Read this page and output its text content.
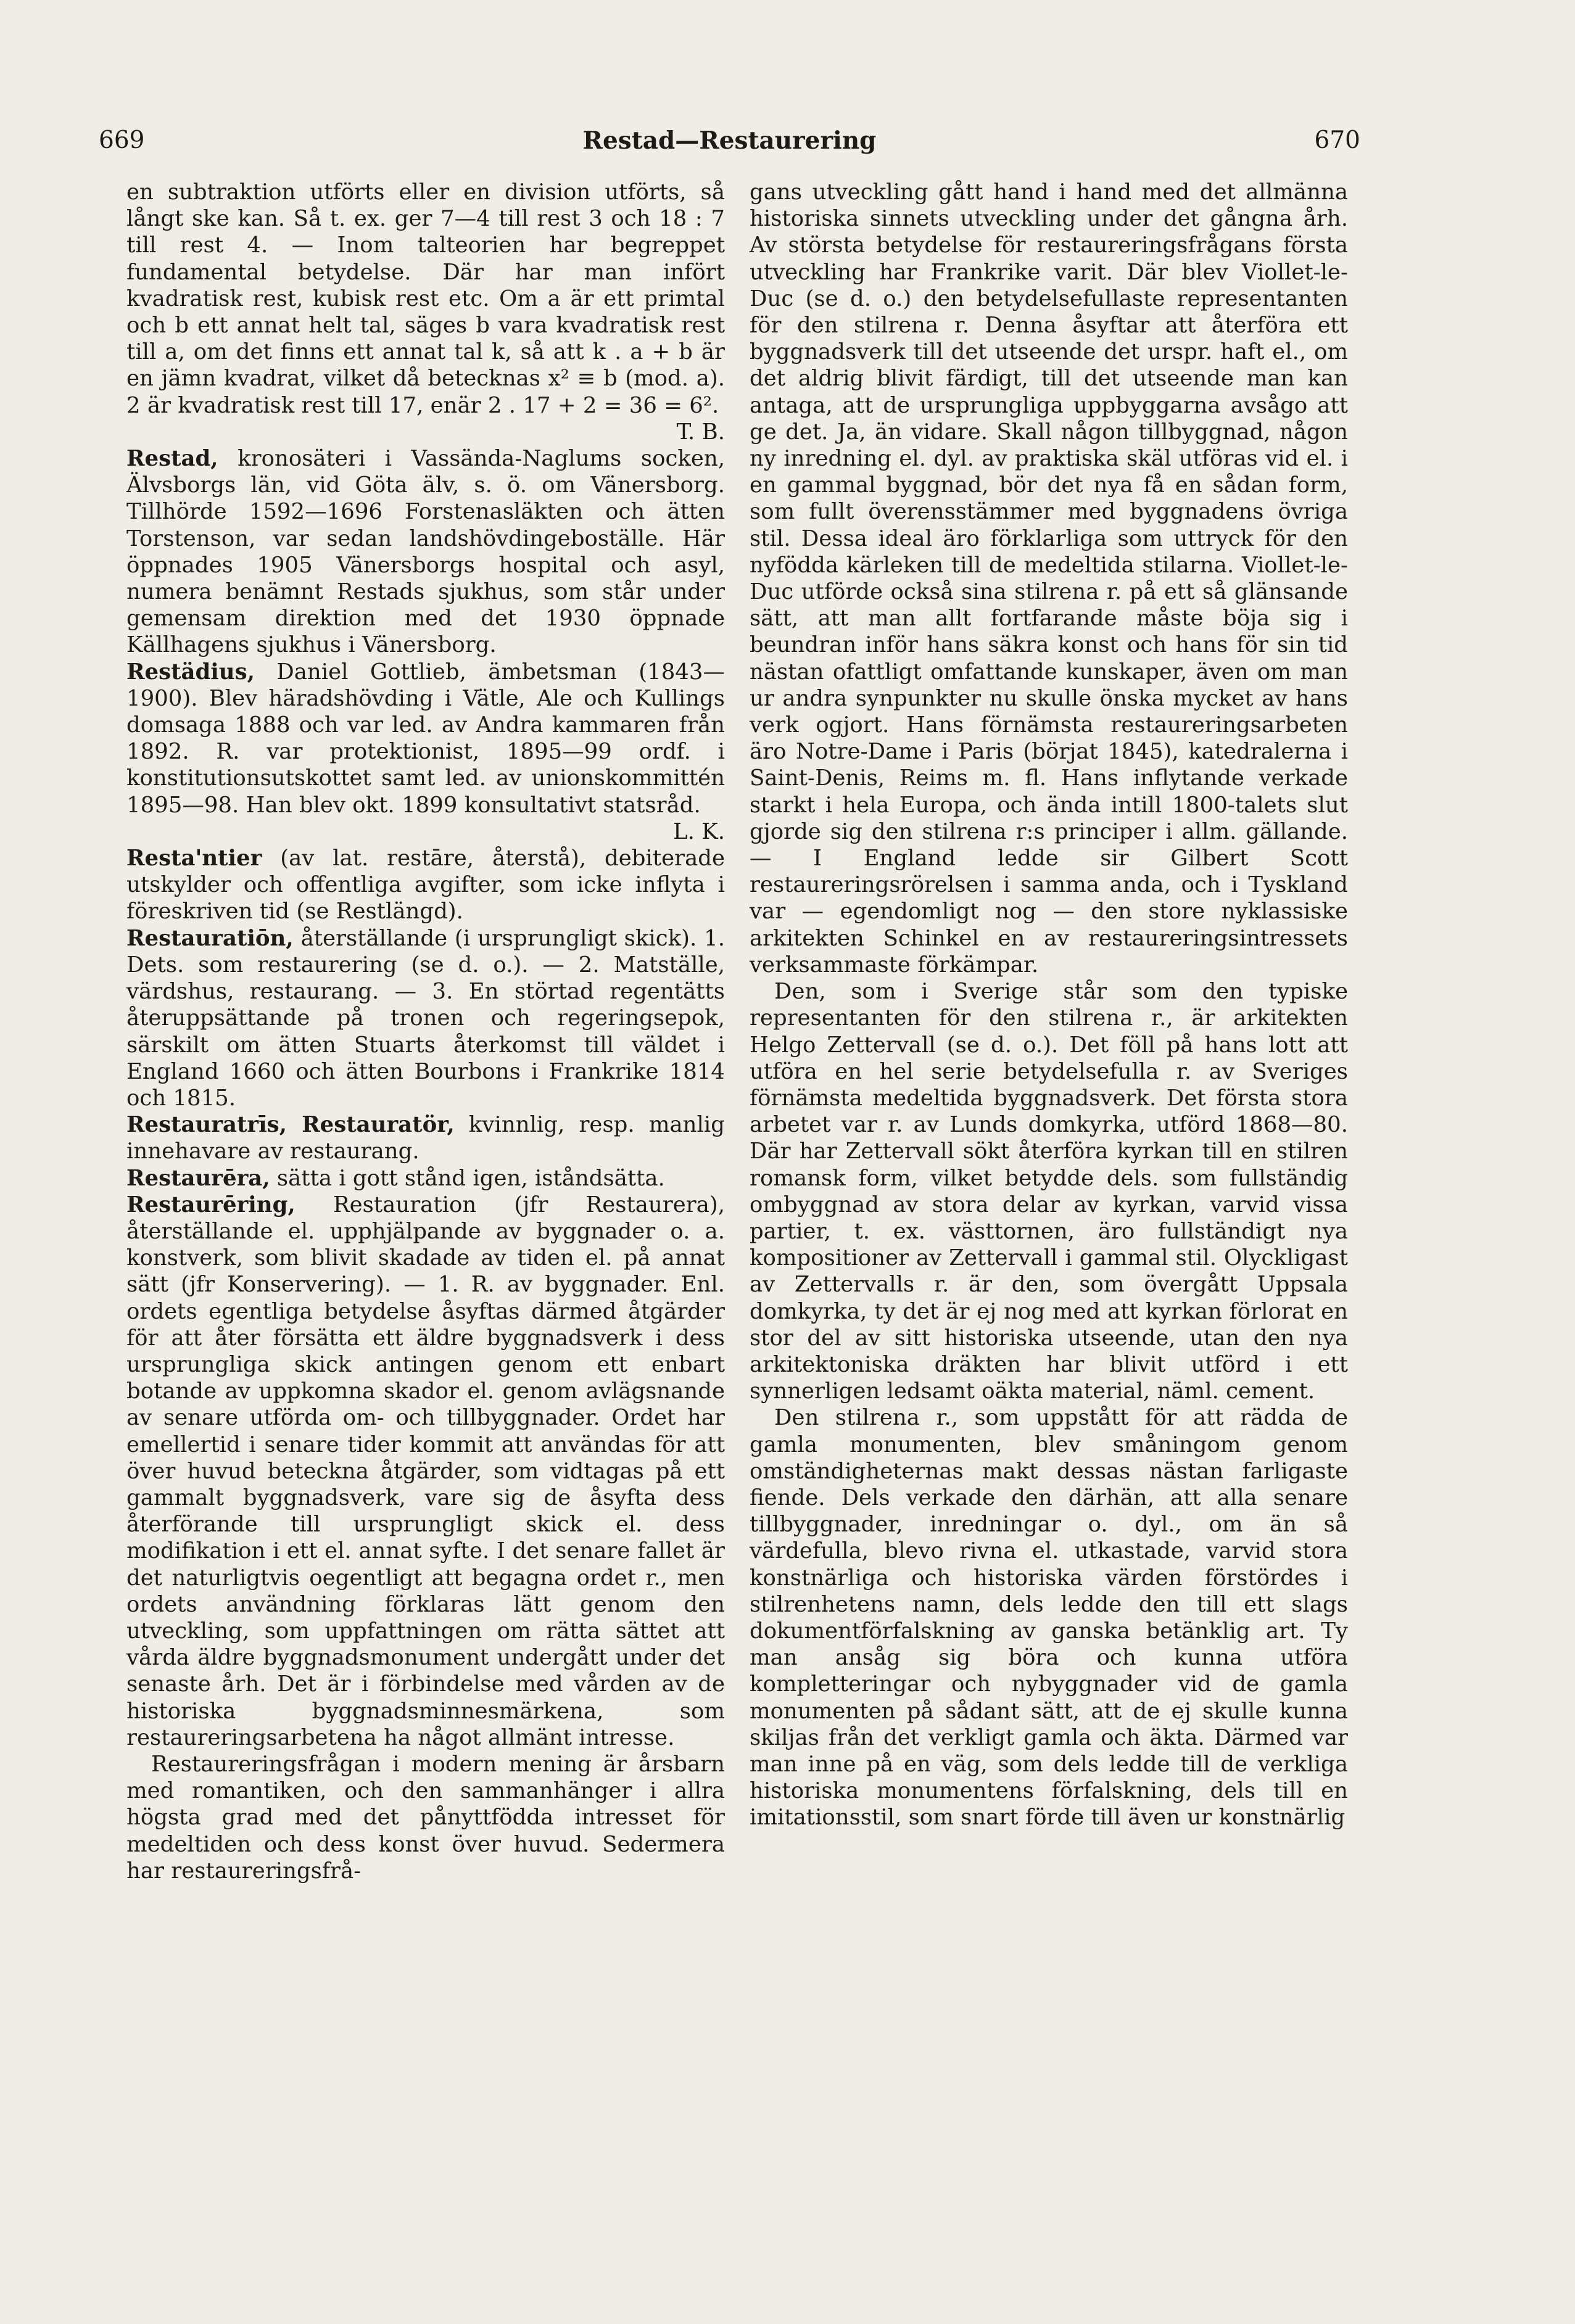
669	Restad—Restaurering	670

en subtraktion utförts eller en division utförts, så långt ske kan. Så t. ex. ger 7—4 till rest 3 och 18 : 7 till rest 4. — Inom talteorien har begreppet fundamental betydelse. Där har man infört kvadratisk rest, kubisk rest etc. Om a är ett primtal och b ett annat helt tal, säges b vara kvadratisk rest till a, om det finns ett annat tal k, så att k . a + b är en jämn kvadrat, vilket då betecknas x² ≡ b (mod. a). 2 är kvadratisk rest till 17, enär 2 . 17 + 2 = 36 = 6².
T. B.

Restad, kronosäteri i Vassända-Naglums socken, Älvsborgs län, vid Göta älv, s. ö. om Vänersborg. Tillhörde 1592—1696 Forstenasläkten och ätten Torstenson, var sedan landshövdingeboställe. Här öppnades 1905 Vänersborgs hospital och asyl, numera benämnt Restads sjukhus, som står under gemensam direktion med det 1930 öppnade Källhagens sjukhus i Vänersborg.

Restädius, Daniel Gottlieb, ämbetsman (1843—1900). Blev häradshövding i Vätle, Ale och Kullings domsaga 1888 och var led. av Andra kammaren från 1892. R. var protektionist, 1895—99 ordf. i konstitutionsutskottet samt led. av unionskommittén 1895—98. Han blev okt. 1899 konsultativt statsråd.
L. K.

Resta'ntier (av lat. restāre, återstå), debiterade utskylder och offentliga avgifter, som icke inflyta i föreskriven tid (se Restlängd).

Restauratiōn, återställande (i ursprungligt skick). 1. Dets. som restaurering (se d. o.). — 2. Matställe, värdshus, restaurang. — 3. En störtad regentätts återuppsättande på tronen och regeringsepok, särskilt om ätten Stuarts återkomst till väldet i England 1660 och ätten Bourbons i Frankrike 1814 och 1815.

Restauratrīs, Restauratör, kvinnlig, resp. manlig innehavare av restaurang.

Restaurēra, sätta i gott stånd igen, iståndsätta.

Restaurēring, Restauration (jfr Restaurera), återställande el. upphjälpande av byggnader o. a. konstverk, som blivit skadade av tiden el. på annat sätt (jfr Konservering). — 1. R. av byggnader. Enl. ordets egentliga betydelse åsyftas därmed åtgärder för att åter försätta ett äldre byggnadsverk i dess ursprungliga skick antingen genom ett enbart botande av uppkomna skador el. genom avlägsnande av senare utförda om- och tillbyggnader. Ordet har emellertid i senare tider kommit att användas för att över huvud beteckna åtgärder, som vidtagas på ett gammalt byggnadsverk, vare sig de åsyfta dess återförande till ursprungligt skick el. dess modifikation i ett el. annat syfte. I det senare fallet är det naturligtvis oegentligt att begagna ordet r., men ordets användning förklaras lätt genom den utveckling, som uppfattningen om rätta sättet att vårda äldre byggnadsmonument undergått under det senaste årh. Det är i förbindelse med vården av de historiska byggnadsminnesmärkena, som restaureringsarbetena ha något allmänt intresse.

Restaureringsfrågan i modern mening är årsbarn med romantiken, och den sammanhänger i allra högsta grad med det pånyttfödda intresset för medeltiden och dess konst över huvud. Sedermera har restaureringsfrå-

gans utveckling gått hand i hand med det allmänna historiska sinnets utveckling under det gångna årh. Av största betydelse för restaureringsfrågans första utveckling har Frankrike varit. Där blev Viollet-le-Duc (se d. o.) den betydelsefullaste representanten för den stilrena r. Denna åsyftar att återföra ett byggnadsverk till det utseende det urspr. haft el., om det aldrig blivit färdigt, till det utseende man kan antaga, att de ursprungliga uppbyggarna avsågo att ge det. Ja, än vidare. Skall någon tillbyggnad, någon ny inredning el. dyl. av praktiska skäl utföras vid el. i en gammal byggnad, bör det nya få en sådan form, som fullt överensstämmer med byggnadens övriga stil. Dessa ideal äro förklarliga som uttryck för den nyfödda kärleken till de medeltida stilarna. Viollet-le-Duc utförde också sina stilrena r. på ett så glänsande sätt, att man allt fortfarande måste böja sig i beundran inför hans säkra konst och hans för sin tid nästan ofattligt omfattande kunskaper, även om man ur andra synpunkter nu skulle önska mycket av hans verk ogjort. Hans förnämsta restaureringsarbeten äro Notre-Dame i Paris (börjat 1845), katedralerna i Saint-Denis, Reims m. fl. Hans inflytande verkade starkt i hela Europa, och ända intill 1800-talets slut gjorde sig den stilrena r:s principer i allm. gällande. — I England ledde sir Gilbert Scott restaureringsrörelsen i samma anda, och i Tyskland var — egendomligt nog — den store nyklassiske arkitekten Schinkel en av restaureringsintressets verksammaste förkämpar.

Den, som i Sverige står som den typiske representanten för den stilrena r., är arkitekten Helgo Zettervall (se d. o.). Det föll på hans lott att utföra en hel serie betydelsefulla r. av Sveriges förnämsta medeltida byggnadsverk. Det första stora arbetet var r. av Lunds domkyrka, utförd 1868—80. Där har Zettervall sökt återföra kyrkan till en stilren romansk form, vilket betydde dels. som fullständig ombyggnad av stora delar av kyrkan, varvid vissa partier, t. ex. västtornen, äro fullständigt nya kompositioner av Zettervall i gammal stil. Olyckligast av Zettervalls r. är den, som övergått Uppsala domkyrka, ty det är ej nog med att kyrkan förlorat en stor del av sitt historiska utseende, utan den nya arkitektoniska dräkten har blivit utförd i ett synnerligen ledsamt oäkta material, näml. cement.

Den stilrena r., som uppstått för att rädda de gamla monumenten, blev småningom genom omständigheternas makt dessas nästan farligaste fiende. Dels verkade den därhän, att alla senare tillbyggnader, inredningar o. dyl., om än så värdefulla, blevo rivna el. utkastade, varvid stora konstnärliga och historiska värden förstördes i stilrenhetens namn, dels ledde den till ett slags dokumentförfalskning av ganska betänklig art. Ty man ansåg sig böra och kunna utföra kompletteringar och nybyggnader vid de gamla monumenten på sådant sätt, att de ej skulle kunna skiljas från det verkligt gamla och äkta. Därmed var man inne på en väg, som dels ledde till de verkliga historiska monumentens förfalskning, dels till en imitationsstil, som snart förde till även ur konstnärlig
